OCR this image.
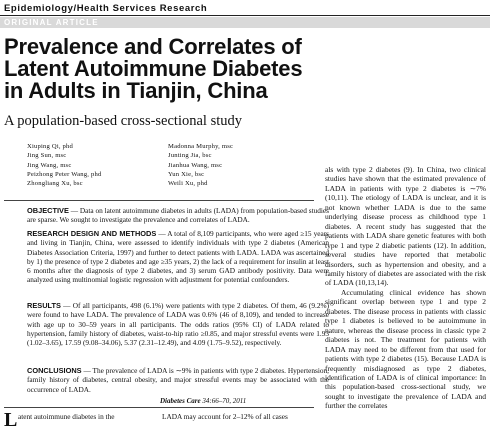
Epidemiology/Health Services Research
ORIGINAL ARTICLE
Prevalence and Correlates of Latent Autoimmune Diabetes in Adults in Tianjin, China
A population-based cross-sectional study
Xiuping Qi, phd
Jing Sun, msc
Jing Wang, msc
Peizhong Peter Wang, phd
Zhongliang Xu, bsc
Madonna Murphy, msc
Junting Jia, bsc
Jianhua Wang, msc
Yun Xie, bsc
Weili Xu, phd
OBJECTIVE — Data on latent autoimmune diabetes in adults (LADA) from population-based studies are sparse. We sought to investigate the prevalence and correlates of LADA.
RESEARCH DESIGN AND METHODS — A total of 8,109 participants, who were aged ≥15 years and living in Tianjin, China, were assessed to identify individuals with type 2 diabetes (American Diabetes Association Criteria, 1997) and further to detect patients with LADA. LADA was ascertained by 1) the presence of type 2 diabetes and age ≥35 years, 2) the lack of a requirement for insulin at least 6 months after the diagnosis of type 2 diabetes, and 3) serum GAD antibody positivity. Data were analyzed using multinomial logistic regression with adjustment for potential confounders.
RESULTS — Of all participants, 498 (6.1%) were patients with type 2 diabetes. Of them, 46 (9.2%) were found to have LADA. The prevalence of LADA was 0.6% (46 of 8,109), and tended to increase with age up to 30–59 years in all participants. The odds ratios (95% CI) of LADA related to hypertension, family history of diabetes, waist-to-hip ratio ≥0.85, and major stressful events were 1.93 (1.02–3.65), 17.59 (9.08–34.06), 5.37 (2.31–12.49), and 4.09 (1.75–9.52), respectively.
CONCLUSIONS — The prevalence of LADA is ∼9% in patients with type 2 diabetes. Hypertension, family history of diabetes, central obesity, and major stressful events may be associated with the occurrence of LADA.
Diabetes Care 34:66–70, 2011
L atent autoimmune diabetes in the	LADA may account for 2–12% of all cases

als with type 2 diabetes (9). In China, two clinical studies have shown that the estimated prevalence of LADA in patients with type 2 diabetes is ∼7% (10,11). The etiology of LADA is unclear, and it is not known whether LADA is due to the same underlying disease process as childhood type 1 diabetes. A recent study has suggested that the patients with LADA share genetic features with both type 1 and type 2 diabetic patients (12). In addition, several studies have reported that metabolic disorders, such as hypertension and obesity, and a family history of diabetes are associated with the risk of LADA (10,13,14).

Accumulating clinical evidence has shown significant overlap between type 1 and type 2 diabetes. The disease process in patients with classic type 1 diabetes is believed to be autoimmune in nature, whereas the disease process in classic type 2 diabetes is not. The treatment for patients with LADA may need to be different from that used for patients with type 2 diabetes (15). Because LADA is frequently misdiagnosed as type 2 diabetes, identification of LADA is of clinical importance: In this population-based cross-sectional study, we sought to investigate the prevalence of LADA and further the correlates
